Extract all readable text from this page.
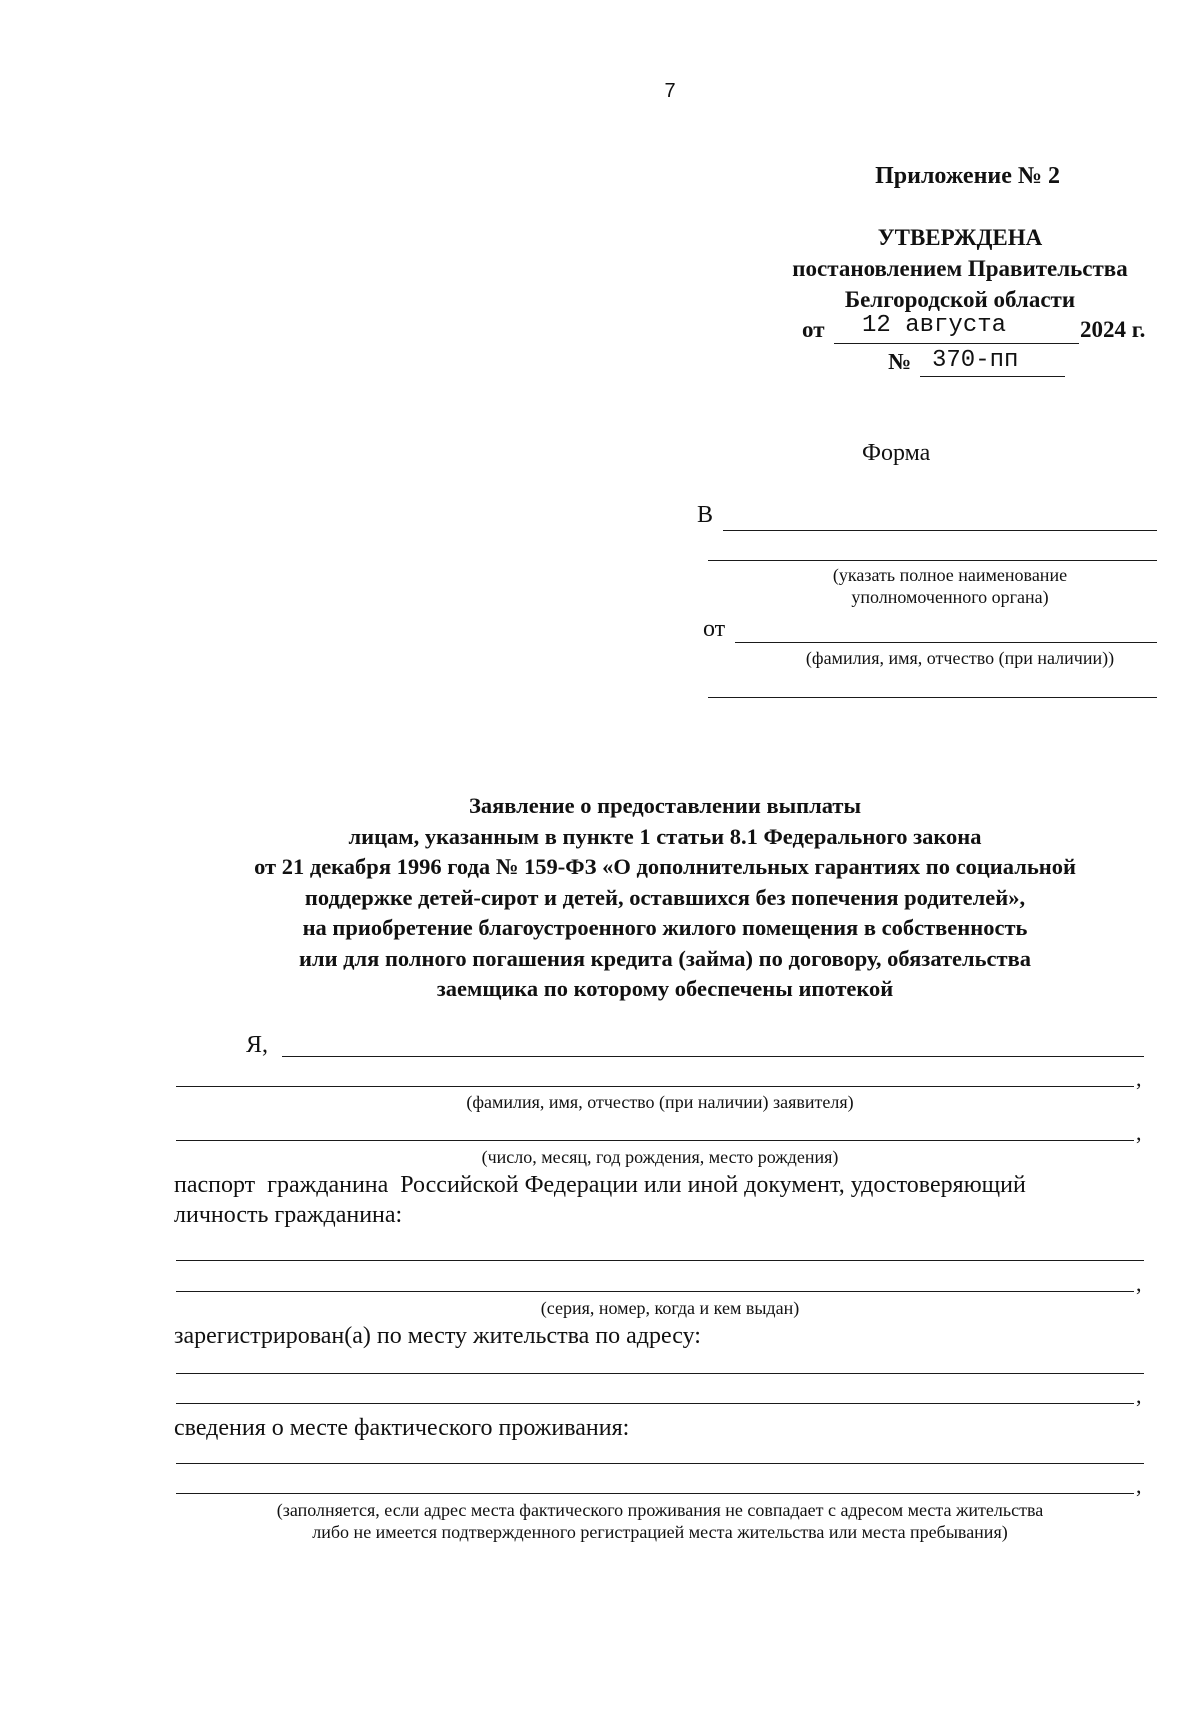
7
Приложение № 2
УТВЕРЖДЕНА
постановлением Правительства
Белгородской области
от 12 августа	2024 г.
№ 370-пп
Форма
В
(указать полное наименование
уполномоченного органа)
от
(фамилия, имя, отчество (при наличии))
Заявление о предоставлении выплаты
лицам, указанным в пункте 1 статьи 8.1 Федерального закона
от 21 декабря 1996 года № 159-ФЗ «О дополнительных гарантиях по социальной
поддержке детей-сирот и детей, оставшихся без попечения родителей»,
на приобретение благоустроенного жилого помещения в собственность
или для полного погашения кредита (займа) по договору, обязательства
заемщика по которому обеспечены ипотекой
Я,
,
(фамилия, имя, отчество (при наличии) заявителя)
,
(число, месяц, год рождения, место рождения)
паспорт  гражданина  Российской Федерации или иной документ, удостоверяющий
личность гражданина:
,
(серия, номер, когда и кем выдан)
зарегистрирован(а) по месту жительства по адресу:
,
сведения о месте фактического проживания:
,
(заполняется, если адрес места фактического проживания не совпадает с адресом места жительства
либо не имеется подтвержденного регистрацией места жительства или места пребывания)
